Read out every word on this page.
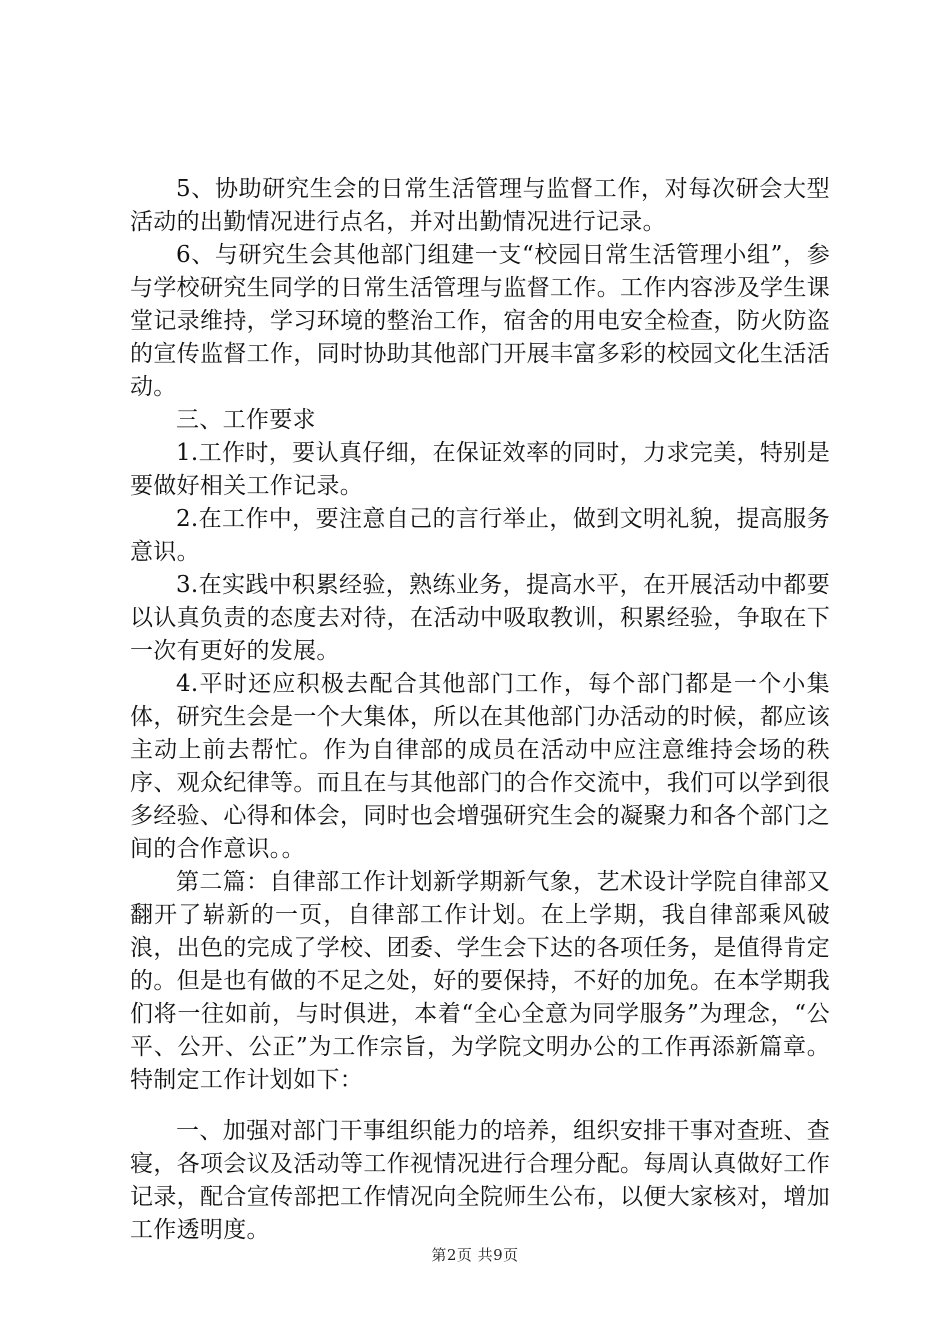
5、协助研究生会的日常生活管理与监督工作，对每次研会大型活动的出勤情况进行点名，并对出勤情况进行记录。

6、与研究生会其他部门组建一支“校园日常生活管理小组”，参与学校研究生同学的日常生活管理与监督工作。工作内容涉及学生课堂记录维持，学习环境的整治工作，宿舍的用电安全检查，防火防盗的宣传监督工作，同时协助其他部门开展丰富多彩的校园文化生活活动。

三、工作要求

1.工作时，要认真仔细，在保证效率的同时，力求完美，特别是要做好相关工作记录。

2.在工作中，要注意自己的言行举止，做到文明礼貌，提高服务意识。

3.在实践中积累经验，熟练业务，提高水平，在开展活动中都要以认真负责的态度去对待，在活动中吸取教训，积累经验，争取在下一次有更好的发展。

4.平时还应积极去配合其他部门工作，每个部门都是一个小集体，研究生会是一个大集体，所以在其他部门办活动的时候，都应该主动上前去帮忙。作为自律部的成员在活动中应注意维持会场的秩序、观众纪律等。而且在与其他部门的合作交流中，我们可以学到很多经验、心得和体会，同时也会增强研究生会的凝聚力和各个部门之间的合作意识。。

第二篇：自律部工作计划新学期新气象，艺术设计学院自律部又翻开了崭新的一页，自律部工作计划。在上学期，我自律部乘风破浪，出色的完成了学校、团委、学生会下达的各项任务，是值得肯定的。但是也有做的不足之处，好的要保持，不好的加免。在本学期我们将一往如前，与时俱进，本着“全心全意为同学服务”为理念，“公平、公开、公正”为工作宗旨，为学院文明办公的工作再添新篇章。特制定工作计划如下：

一、加强对部门干事组织能力的培养，组织安排干事对查班、查寝，各项会议及活动等工作视情况进行合理分配。每周认真做好工作记录，配合宣传部把工作情况向全院师生公布，以便大家核对，增加工作透明度。

第2页 共9页
